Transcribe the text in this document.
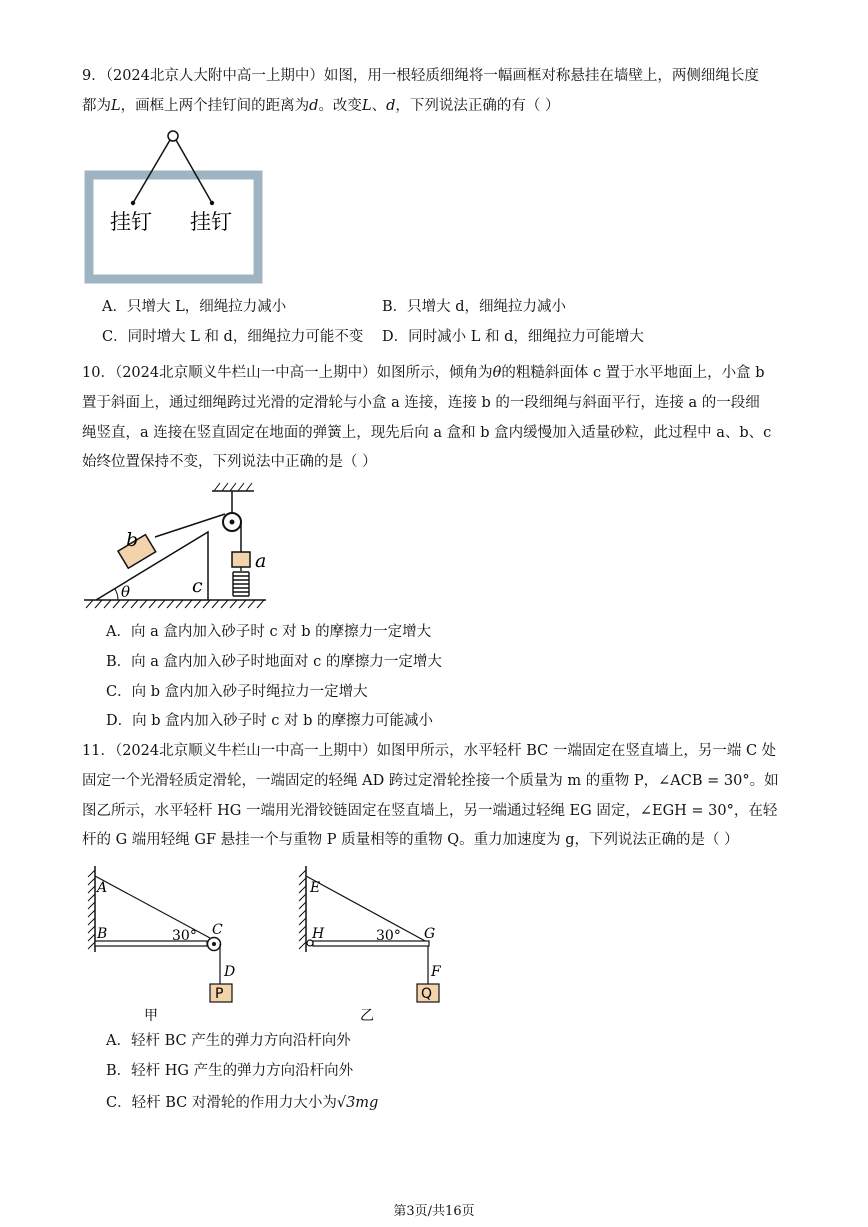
9．（2024北京人大附中高一上期中）如图，用一根轻质细绳将一幅画框对称悬挂在墙壁上，两侧细绳长度
都为L，画框上两个挂钉间的距离为d。改变L、d，下列说法正确的有（ ）
挂钉 挂钉
A．只增大 L，细绳拉力减小	B．只增大 d，细绳拉力减小
C．同时增大 L 和 d，细绳拉力可能不变 D．同时减小 L 和 d，细绳拉力可能增大
10．（2024北京顺义牛栏山一中高一上期中）如图所示，倾角为θ的粗糙斜面体 c 置于水平地面上，小盒 b
置于斜面上，通过细绳跨过光滑的定滑轮与小盒 a 连接，连接 b 的一段细绳与斜面平行，连接 a 的一段细
绳竖直，a 连接在竖直固定在地面的弹簧上，现先后向 a 盒和 b 盒内缓慢加入适量砂粒，此过程中 a、b、c
始终位置保持不变，下列说法中正确的是（ ）
b
a
c
θ
A．向 a 盒内加入砂子时 c 对 b 的摩擦力一定增大
B．向 a 盒内加入砂子时地面对 c 的摩擦力一定增大
C．向 b 盒内加入砂子时绳拉力一定增大
D．向 b 盒内加入砂子时 c 对 b 的摩擦力可能减小
11．（2024北京顺义牛栏山一中高一上期中）如图甲所示，水平轻杆 BC 一端固定在竖直墙上，另一端 C 处
固定一个光滑轻质定滑轮，一端固定的轻绳 AD 跨过定滑轮拴接一个质量为 m 的重物 P，∠ACB = 30°。如
图乙所示，水平轻杆 HG 一端用光滑铰链固定在竖直墙上，另一端通过轻绳 EG 固定，∠EGH = 30°，在轻
杆的 G 端用轻绳 GF 悬挂一个与重物 P 质量相等的重物 Q。重力加速度为 g，下列说法正确的是（ ）
A
B	30° C
D
P
甲
E
H	30° G
F
Q
乙
A．轻杆 BC 产生的弹力方向沿杆向外
B．轻杆 HG 产生的弹力方向沿杆向外
C．轻杆 BC 对滑轮的作用力大小为√3mg
第3页/共16页
